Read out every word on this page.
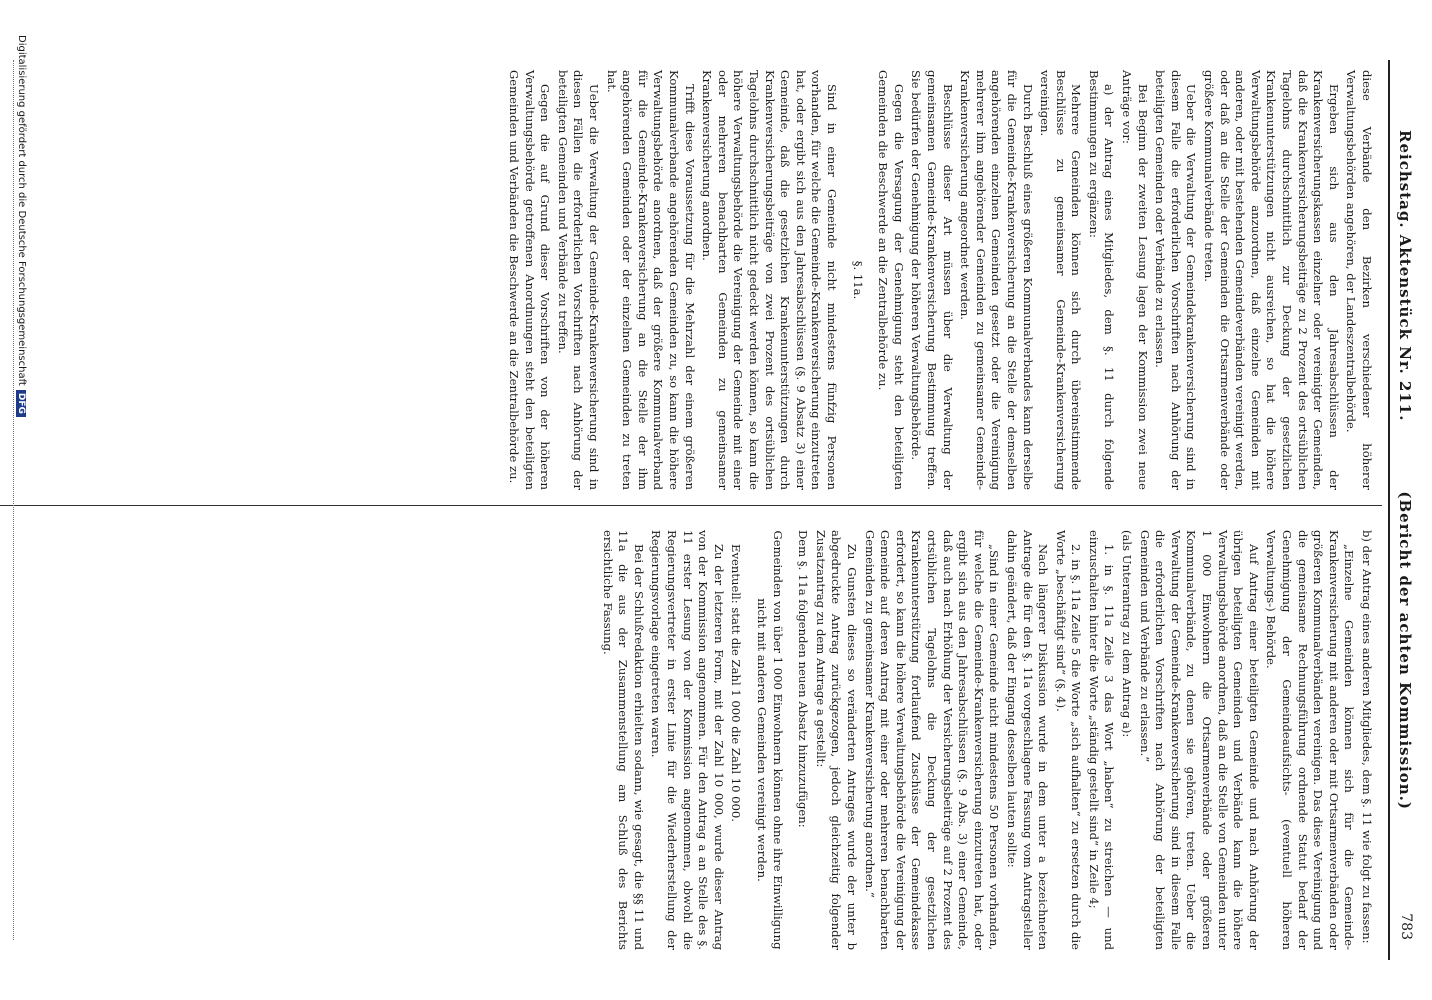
Reichstag. Aktenstück Nr. 211.
(Bericht der achten Kommission.)
783

diese Verbände den Bezirken verschiedener höherer Verwaltungsbehörden angehören, der Landeszentralbehörde.

Ergeben sich aus den Jahresabschlüssen der Krankenversicherungskassen einzelner oder vereinigter Gemeinden, daß die Krankenversicherungsbeiträge zu 2 Prozent des ortsüblichen Tagelohns durchschnittlich zur Deckung der gesetzlichen Krankenunterstützungen nicht ausreichen, so hat die höhere Verwaltungsbehörde anzuordnen, daß einzelne Gemeinden mit anderen, oder mit bestehenden Gemeindeverbänden vereinigt werden, oder daß an die Stelle der Gemeinden die Ortsarmenverbände oder größere Kommunalverbände treten.

Ueber die Verwaltung der Gemeindekrankenversicherung sind in diesem Falle die erforderlichen Vorschriften nach Anhörung der beteiligten Gemeinden oder Verbände zu erlassen.

Bei Beginn der zweiten Lesung lagen der Kommission zwei neue Anträge vor:

a) der Antrag eines Mitgliedes, dem §. 11 durch folgende Bestimmungen zu ergänzen:

Mehrere Gemeinden können sich durch übereinstimmende Beschlüsse zu gemeinsamer Gemeinde-Krankenversicherung vereinigen.

Durch Beschluß eines größeren Kommunalverbandes kann derselbe für die Gemeinde-Krankenversicherung an die Stelle der demselben angehörenden einzelnen Gemeinden gesetzt oder die Vereinigung mehrerer ihm angehörender Gemeinden zu gemeinsamer Gemeinde-Krankenversicherung angeordnet werden.

Beschlüsse dieser Art müssen über die Verwaltung der gemeinsamen Gemeinde-Krankenversicherung Bestimmung treffen. Sie bedürfen der Genehmigung der höheren Verwaltungsbehörde.

Gegen die Versagung der Genehmigung steht den beteiligten Gemeinden die Beschwerde an die Zentralbehörde zu.

§. 11a.

Sind in einer Gemeinde nicht mindestens fünfzig Personen vorhanden, für welche die Gemeinde-Krankenversicherung einzutreten hat, oder ergibt sich aus den Jahresabschlüssen (§. 9 Absatz 3) einer Gemeinde, daß die gesetzlichen Krankenunterstützungen durch Krankenversicherungsbeiträge von zwei Prozent des ortsüblichen Tagelohns durchschnittlich nicht gedeckt werden können, so kann die höhere Verwaltungsbehörde die Vereinigung der Gemeinde mit einer oder mehreren benachbarten Gemeinden zu gemeinsamer Krankenversicherung anordnen.

Trifft diese Voraussetzung für die Mehrzahl der einem größeren Kommunalverbande angehörenden Gemeinden zu, so kann die höhere Verwaltungsbehörde anordnen, daß der größere Kommunalverband für die Gemeinde-Krankenversicherung an die Stelle der ihm angehörenden Gemeinden oder der einzelnen Gemeinden zu treten hat.

Ueber die Verwaltung der Gemeinde-Krankenversicherung sind in diesen Fällen die erforderlichen Vorschriften nach Anhörung der beteiligten Gemeinden und Verbände zu treffen.

Gegen die auf Grund dieser Vorschriften von der höheren Verwaltungsbehörde getroffenen Anordnungen steht den beteiligten Gemeinden und Verbänden die Beschwerde an die Zentralbehörde zu.

b) der Antrag eines anderen Mitgliedes, dem §. 11 wie folgt zu fassen:

„Einzelne Gemeinden können sich für die Gemeinde-Krankenversicherung mit anderen oder mit Ortsarmenverbänden oder größeren Kommunalverbänden vereinigen. Das diese Vereinigung und die gemeinsame Rechnungsführung ordnende Statut bedarf der Genehmigung der Gemeindeaufsichts- (eventuell höheren Verwaltungs-) Behörde.

Auf Antrag einer beteiligten Gemeinde und nach Anhörung der übrigen beteiligten Gemeinden und Verbände kann die höhere Verwaltungsbehörde anordnen, daß an die Stelle von Gemeinden unter 1 000 Einwohnern die Ortsarmenverbände oder größeren Kommunalverbände, zu denen sie gehören, treten. Ueber die Verwaltung der Gemeinde-Krankenversicherung sind in diesem Falle die erforderlichen Vorschriften nach Anhörung der beteiligten Gemeinden und Verbände zu erlassen.“

(als Unterantrag zu dem Antrag a):

1. in §. 11a Zeile 3 das Wort „haben“ zu streichen — und einzuschalten hinter die Worte „ständig gestellt sind“ in Zeile 4;

2. in §. 11a Zeile 5 die Worte „sich aufhalten“ zu ersetzen durch die Worte „beschäftigt sind“ (§. 4).

Nach längerer Diskussion wurde in dem unter a bezeichneten Antrage die für den §. 11a vorgeschlagene Fassung vom Antragsteller dahin geändert, daß der Eingang desselben lauten sollte:

„Sind in einer Gemeinde nicht mindestens 50 Personen vorhanden, für welche die Gemeinde-Krankenversicherung einzutreten hat, oder ergibt sich aus den Jahresabschlüssen (§. 9 Abs. 3) einer Gemeinde, daß auch nach Erhöhung der Versicherungsbeiträge auf 2 Prozent des ortsüblichen Tagelohns die Deckung der gesetzlichen Krankenunterstützung fortlaufend Zuschüsse der Gemeindekasse erfordert, so kann die höhere Verwaltungsbehörde die Vereinigung der Gemeinde auf deren Antrag mit einer oder mehreren benachbarten Gemeinden zu gemeinsamer Krankenversicherung anordnen.“

Zu Gunsten dieses so veränderten Antrages wurde der unter b abgedruckte Antrag zurückgezogen, jedoch gleichzeitig folgender Zusatzantrag zu dem Antrage a gestellt:

Dem §. 11a folgenden neuen Absatz hinzuzufügen:

Gemeinden von über 1 000 Einwohnern können ohne ihre Einwilligung nicht mit anderen Gemeinden vereinigt werden.

Eventuell: statt die Zahl 1 000 die Zahl 10 000.

Zu der letzteren Form, mit der Zahl 10 000, wurde dieser Antrag von der Kommission angenommen. Für den Antrag a an Stelle des §. 11 erster Lesung von der Kommission angenommen, obwohl die Regierungsvertreter in erster Linie für die Wiederherstellung der Regierungsvorlage eingetreten waren.

Bei der Schlußredaktion erhielten sodann, wie gesagt, die §§ 11 und 11a die aus der Zusammenstellung am Schluß des Berichts ersichtliche Fassung.

Digitalisierung gefördert durch die Deutsche ForschungsgemeinschaftDFG
